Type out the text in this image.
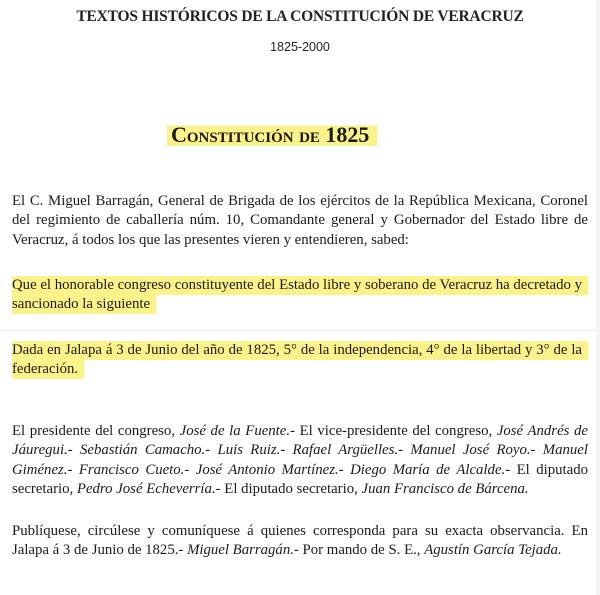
TEXTOS HISTÓRICOS DE LA CONSTITUCIÓN DE VERACRUZ
1825-2000
Constitución de 1825
El C. Miguel Barragán, General de Brigada de los ejércitos de la República Mexicana, Coronel del regimiento de caballería núm. 10, Comandante general y Gobernador del Estado libre de Veracruz, á todos los que las presentes vieren y entendieren, sabed:
Que el honorable congreso constituyente del Estado libre y soberano de Veracruz ha decretado y sancionado la siguiente
Dada en Jalapa á 3 de Junio del año de 1825, 5° de la independencia, 4° de la libertad y 3° de la federación.
El presidente del congreso, José de la Fuente.- El vice-presidente del congreso, José Andrés de Jáuregui.- Sebastián Camacho.- Luis Ruiz.- Rafael Argüelles.- Manuel José Royo.- Manuel Giménez.- Francisco Cueto.- José Antonio Martínez.- Diego María de Alcalde.- El diputado secretario, Pedro José Echeverría.- El diputado secretario, Juan Francisco de Bárcena.
Publíquese, circúlese y comuníquese á quienes corresponda para su exacta observancia. En Jalapa á 3 de Junio de 1825.- Miguel Barragán.- Por mando de S. E., Agustín García Tejada.
